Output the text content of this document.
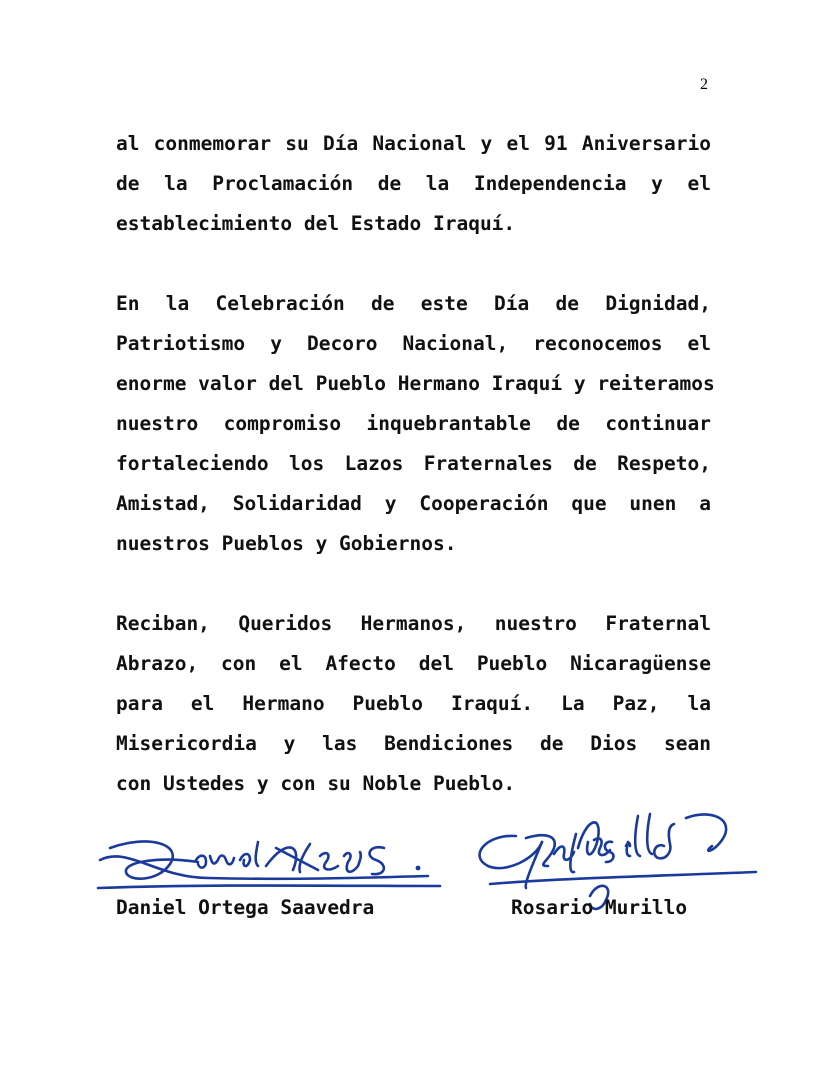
2
al conmemorar su Día Nacional y el 91 Aniversario
de la Proclamación de la Independencia y el
establecimiento del Estado Iraquí.
En la Celebración de este Día de Dignidad,
Patriotismo y Decoro Nacional, reconocemos el
enorme valor del Pueblo Hermano Iraquí y reiteramos
nuestro compromiso inquebrantable de continuar
fortaleciendo los Lazos Fraternales de Respeto,
Amistad, Solidaridad y Cooperación que unen a
nuestros Pueblos y Gobiernos.
Reciban, Queridos Hermanos, nuestro Fraternal
Abrazo, con el Afecto del Pueblo Nicaragüense
para el Hermano Pueblo Iraquí. La Paz, la
Misericordia y las Bendiciones de Dios sean
con Ustedes y con su Noble Pueblo.
Daniel Ortega Saavedra	Rosario Murillo
